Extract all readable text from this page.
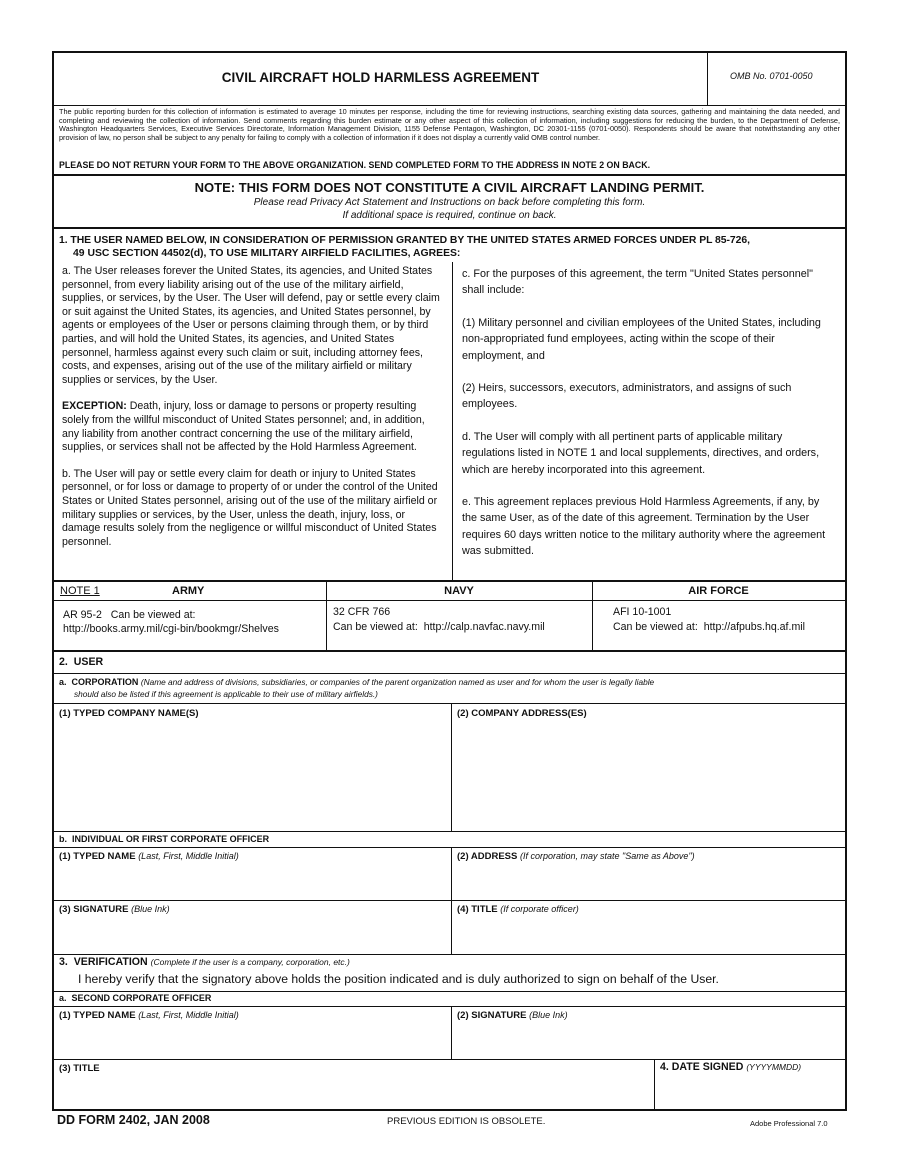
CIVIL AIRCRAFT HOLD HARMLESS AGREEMENT	OMB No. 0701-0050
The public reporting burden for this collection of information is estimated to average 10 minutes per response, including the time for reviewing instructions, searching existing data sources, gathering and maintaining the data needed, and completing and reviewing the collection of information. Send comments regarding this burden estimate or any other aspect of this collection of information, including suggestions for reducing the burden, to the Department of Defense, Washington Headquarters Services, Executive Services Directorate, Information Management Division, 1155 Defense Pentagon, Washington, DC 20301-1155 (0701-0050). Respondents should be aware that notwithstanding any other provision of law, no person shall be subject to any penalty for failing to comply with a collection of information if it does not display a currently valid OMB control number.
PLEASE DO NOT RETURN YOUR FORM TO THE ABOVE ORGANIZATION. SEND COMPLETED FORM TO THE ADDRESS IN NOTE 2 ON BACK.
NOTE: THIS FORM DOES NOT CONSTITUTE A CIVIL AIRCRAFT LANDING PERMIT.
Please read Privacy Act Statement and Instructions on back before completing this form.
If additional space is required, continue on back.
1. THE USER NAMED BELOW, IN CONSIDERATION OF PERMISSION GRANTED BY THE UNITED STATES ARMED FORCES UNDER PL 85-726,
49 USC SECTION 44502(d), TO USE MILITARY AIRFIELD FACILITIES, AGREES:
a. The User releases forever the United States, its agencies, and United States personnel, from every liability arising out of the use of the military airfield, supplies, or services, by the User. The User will defend, pay or settle every claim or suit against the United States, its agencies, and United States personnel, by agents or employees of the User or persons claiming through them, or by third parties, and will hold the United States, its agencies, and United States personnel, harmless against every such claim or suit, including attorney fees, costs, and expenses, arising out of the use of the military airfield or military supplies or services, by the User.
EXCEPTION: Death, injury, loss or damage to persons or property resulting solely from the willful misconduct of United States personnel; and, in addition, any liability from another contract concerning the use of the military airfield, supplies, or services shall not be affected by the Hold Harmless Agreement.
b. The User will pay or settle every claim for death or injury to United States personnel, or for loss or damage to property of or under the control of the United States or United States personnel, arising out of the use of the military airfield or military supplies or services, by the User, unless the death, injury, loss, or damage results solely from the negligence or willful misconduct of United States personnel.
c. For the purposes of this agreement, the term "United States personnel" shall include:
(1) Military personnel and civilian employees of the United States, including non-appropriated fund employees, acting within the scope of their employment, and
(2) Heirs, successors, executors, administrators, and assigns of such employees.
d. The User will comply with all pertinent parts of applicable military regulations listed in NOTE 1 and local supplements, directives, and orders, which are hereby incorporated into this agreement.
e. This agreement replaces previous Hold Harmless Agreements, if any, by the same User, as of the date of this agreement. Termination by the User requires 60 days written notice to the military authority where the agreement was submitted.
NOTE 1	ARMY	NAVY	AIR FORCE
AR 95-2   Can be viewed at:
http://books.army.mil/cgi-bin/bookmgr/Shelves
32 CFR 766
Can be viewed at:  http://calp.navfac.navy.mil
AFI 10-1001
Can be viewed at:  http://afpubs.hq.af.mil
2.  USER
a.  CORPORATION (Name and address of divisions, subsidiaries, or companies of the parent organization named as user and for whom the user is legally liable
should also be listed if this agreement is applicable to their use of military airfields.)
(1) TYPED COMPANY NAME(S)	(2) COMPANY ADDRESS(ES)
b.  INDIVIDUAL OR FIRST CORPORATE OFFICER
(1) TYPED NAME (Last, First, Middle Initial)	(2) ADDRESS (If corporation, may state "Same as Above")
(3) SIGNATURE (Blue Ink)	(4) TITLE (If corporate officer)
3.  VERIFICATION (Complete if the user is a company, corporation, etc.)
I hereby verify that the signatory above holds the position indicated and is duly authorized to sign on behalf of the User.
a.  SECOND CORPORATE OFFICER
(1) TYPED NAME (Last, First, Middle Initial)	(2) SIGNATURE (Blue Ink)
(3) TITLE	4. DATE SIGNED (YYYYMMDD)
DD FORM 2402, JAN 2008	PREVIOUS EDITION IS OBSOLETE.	Adobe Professional 7.0
